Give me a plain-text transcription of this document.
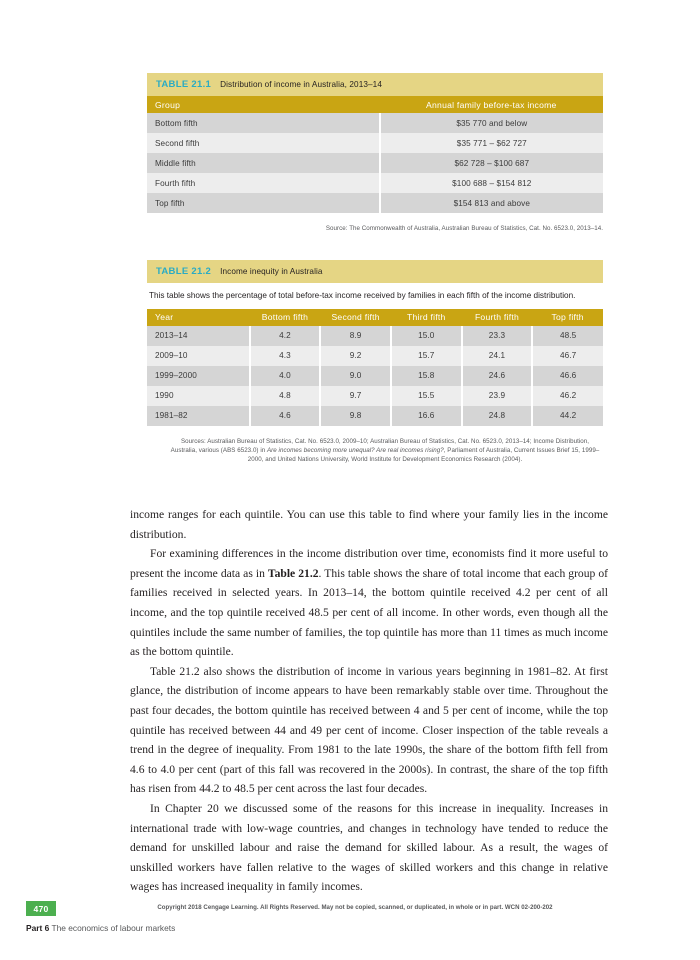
TABLE 21.1 Distribution of income in Australia, 2013–14
Group	Annual family before-tax income
Bottom fifth	$35 770 and below
Second fifth	$35 771 – $62 727
Middle fifth	$62 728 – $100 687
Fourth fifth	$100 688 – $154 812
Top fifth	$154 813 and above
Source: The Commonwealth of Australia, Australian Bureau of Statistics, Cat. No. 6523.0, 2013–14.
TABLE 21.2 Income inequity in Australia
This table shows the percentage of total before-tax income received by families in each fifth of the income distribution.
Year	Bottom fifth	Second fifth	Third fifth	Fourth fifth	Top fifth
2013–14	4.2	8.9	15.0	23.3	48.5
2009–10	4.3	9.2	15.7	24.1	46.7
1999–2000	4.0	9.0	15.8	24.6	46.6
1990	4.8	9.7	15.5	23.9	46.2
1981–82	4.6	9.8	16.6	24.8	44.2
Sources: Australian Bureau of Statistics, Cat. No. 6523.0, 2009–10; Australian Bureau of Statistics, Cat. No. 6523.0, 2013–14; Income Distribution, Australia, various (ABS 6523.0) in Are incomes becoming more unequal? Are real incomes rising?, Parliament of Australia, Current Issues Brief 15, 1999–2000, and United Nations University, World Institute for Development Economics Research (2004).

income ranges for each quintile. You can use this table to find where your family lies in the income distribution.

For examining differences in the income distribution over time, economists find it more useful to present the income data as in Table 21.2. This table shows the share of total income that each group of families received in selected years. In 2013–14, the bottom quintile received 4.2 per cent of all income, and the top quintile received 48.5 per cent of all income. In other words, even though all the quintiles include the same number of families, the top quintile has more than 11 times as much income as the bottom quintile.

Table 21.2 also shows the distribution of income in various years beginning in 1981–82. At first glance, the distribution of income appears to have been remarkably stable over time. Throughout the past four decades, the bottom quintile has received between 4 and 5 per cent of income, while the top quintile has received between 44 and 49 per cent of income. Closer inspection of the table reveals a trend in the degree of inequality. From 1981 to the late 1990s, the share of the bottom fifth fell from 4.6 to 4.0 per cent (part of this fall was recovered in the 2000s). In contrast, the share of the top fifth has risen from 44.2 to 48.5 per cent across the last four decades.

In Chapter 20 we discussed some of the reasons for this increase in inequality. Increases in international trade with low-wage countries, and changes in technology have tended to reduce the demand for unskilled labour and raise the demand for skilled labour. As a result, the wages of unskilled workers have fallen relative to the wages of skilled workers and this change in relative wages has increased inequality in family incomes.

470	Copyright 2018 Cengage Learning. All Rights Reserved. May not be copied, scanned, or duplicated, in whole or in part. WCN 02-200-202
Part 6 The economics of labour markets
